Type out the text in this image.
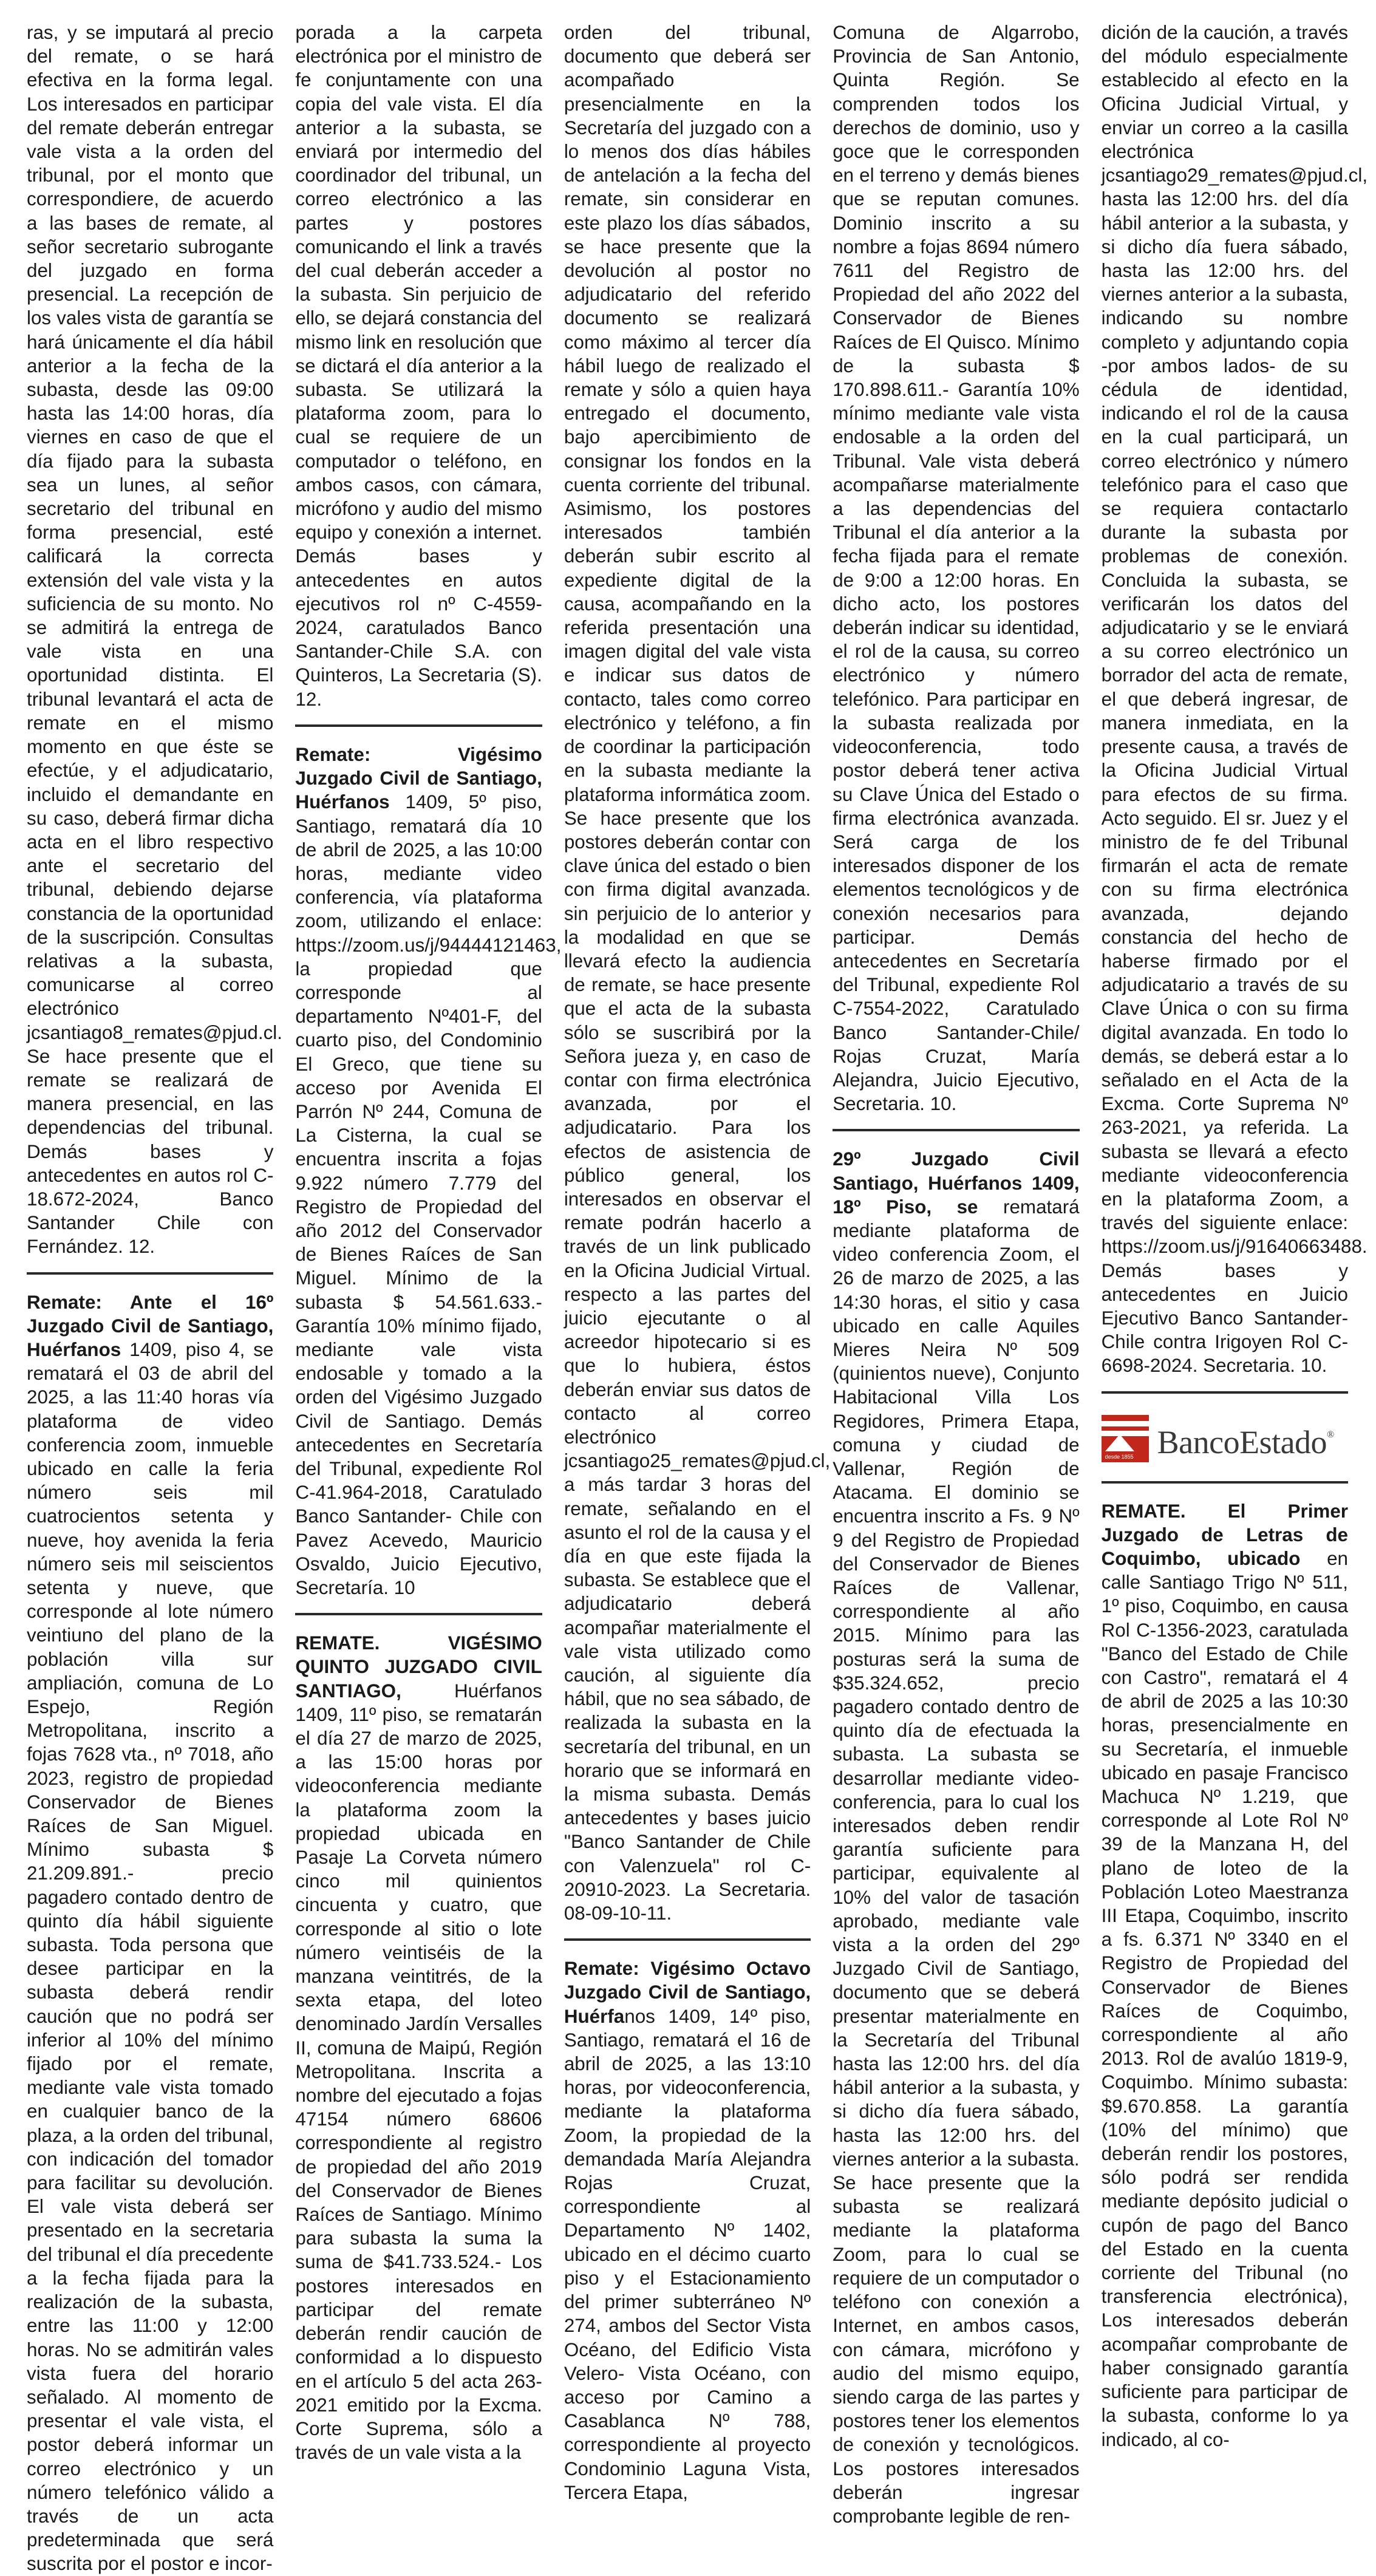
ras, y se imputará al precio del remate, o se hará efectiva en la forma legal. Los interesados en participar del remate deberán entregar vale vista a la orden del tribunal, por el monto que correspondiere, de acuerdo a las bases de remate, al señor secretario subrogante del juzgado en forma presencial. La recepción de los vales vista de garantía se hará únicamente el día hábil anterior a la fecha de la subasta, desde las 09:00 hasta las 14:00 horas, día viernes en caso de que el día fijado para la subasta sea un lunes, al señor secretario del tribunal en forma presencial, esté calificará la correcta extensión del vale vista y la suficiencia de su monto. No se admitirá la entrega de vale vista en una oportunidad distinta. El tribunal levantará el acta de remate en el mismo momento en que éste se efectúe, y el adjudicatario, incluido el demandante en su caso, deberá firmar dicha acta en el libro respectivo ante el secretario del tribunal, debiendo dejarse constancia de la oportunidad de la suscripción. Consultas relativas a la subasta, comunicarse al correo electrónico jcsantiago8_remates@pjud.cl. Se hace presente que el remate se realizará de manera presencial, en las dependencias del tribunal. Demás bases y antecedentes en autos rol C-18.672-2024, Banco Santander Chile con Fernández. 12.

Remate: Ante el 16º Juzgado Civil de Santiago, Huérfanos 1409, piso 4, se rematará el 03 de abril del 2025, a las 11:40 horas vía plataforma de video conferencia zoom, inmueble ubicado en calle la feria número seis mil cuatrocientos setenta y nueve, hoy avenida la feria número seis mil seiscientos setenta y nueve, que corresponde al lote número veintiuno del plano de la población villa sur ampliación, comuna de Lo Espejo, Región Metropolitana, inscrito a fojas 7628 vta., nº 7018, año 2023, registro de propiedad Conservador de Bienes Raíces de San Miguel. Mínimo subasta $ 21.209.891.- precio pagadero contado dentro de quinto día hábil siguiente subasta. Toda persona que desee participar en la subasta deberá rendir caución que no podrá ser inferior al 10% del mínimo fijado por el remate, mediante vale vista tomado en cualquier banco de la plaza, a la orden del tribunal, con indicación del tomador para facilitar su devolución. El vale vista deberá ser presentado en la secretaria del tribunal el día precedente a la fecha fijada para la realización de la subasta, entre las 11:00 y 12:00 horas. No se admitirán vales vista fuera del horario señalado. Al momento de presentar el vale vista, el postor deberá informar un correo electrónico y un número telefónico válido a través de un acta predeterminada que será suscrita por el postor e incor-

porada a la carpeta electrónica por el ministro de fe conjuntamente con una copia del vale vista. El día anterior a la subasta, se enviará por intermedio del coordinador del tribunal, un correo electrónico a las partes y postores comunicando el link a través del cual deberán acceder a la subasta. Sin perjuicio de ello, se dejará constancia del mismo link en resolución que se dictará el día anterior a la subasta. Se utilizará la plataforma zoom, para lo cual se requiere de un computador o teléfono, en ambos casos, con cámara, micrófono y audio del mismo equipo y conexión a internet. Demás bases y antecedentes en autos ejecutivos rol nº C-4559-2024, caratulados Banco Santander-Chile S.A. con Quinteros, La Secretaria (S). 12.

Remate: Vigésimo Juzgado Civil de Santiago, Huérfanos 1409, 5º piso, Santiago, rematará día 10 de abril de 2025, a las 10:00 horas, mediante video conferencia, vía plataforma zoom, utilizando el enlace: https://zoom.us/j/94444121463, la propiedad que corresponde al departamento Nº401-F, del cuarto piso, del Condominio El Greco, que tiene su acceso por Avenida El Parrón Nº 244, Comuna de La Cisterna, la cual se encuentra inscrita a fojas 9.922 número 7.779 del Registro de Propiedad del año 2012 del Conservador de Bienes Raíces de San Miguel. Mínimo de la subasta $ 54.561.633.- Garantía 10% mínimo fijado, mediante vale vista endosable y tomado a la orden del Vigésimo Juzgado Civil de Santiago. Demás antecedentes en Secretaría del Tribunal, expediente Rol C-41.964-2018, Caratulado Banco Santander- Chile con Pavez Acevedo, Mauricio Osvaldo, Juicio Ejecutivo, Secretaría. 10

REMATE. VIGÉSIMO QUINTO JUZGADO CIVIL SANTIAGO, Huérfanos 1409, 11º piso, se rematarán el día 27 de marzo de 2025, a las 15:00 horas por videoconferencia mediante la plataforma zoom la propiedad ubicada en Pasaje La Corveta número cinco mil quinientos cincuenta y cuatro, que corresponde al sitio o lote número veintiséis de la manzana veintitrés, de la sexta etapa, del loteo denominado Jardín Versalles II, comuna de Maipú, Región Metropolitana. Inscrita a nombre del ejecutado a fojas 47154 número 68606 correspondiente al registro de propiedad del año 2019 del Conservador de Bienes Raíces de Santiago. Mínimo para subasta la suma la suma de $41.733.524.- Los postores interesados en participar del remate deberán rendir caución de conformidad a lo dispuesto en el artículo 5 del acta 263-2021 emitido por la Excma. Corte Suprema, sólo a través de un vale vista a la

orden del tribunal, documento que deberá ser acompañado presencialmente en la Secretaría del juzgado con a lo menos dos días hábiles de antelación a la fecha del remate, sin considerar en este plazo los días sábados, se hace presente que la devolución al postor no adjudicatario del referido documento se realizará como máximo al tercer día hábil luego de realizado el remate y sólo a quien haya entregado el documento, bajo apercibimiento de consignar los fondos en la cuenta corriente del tribunal. Asimismo, los postores interesados también deberán subir escrito al expediente digital de la causa, acompañando en la referida presentación una imagen digital del vale vista e indicar sus datos de contacto, tales como correo electrónico y teléfono, a fin de coordinar la participación en la subasta mediante la plataforma informática zoom. Se hace presente que los postores deberán contar con clave única del estado o bien con firma digital avanzada. sin perjuicio de lo anterior y la modalidad en que se llevará efecto la audiencia de remate, se hace presente que el acta de la subasta sólo se suscribirá por la Señora jueza y, en caso de contar con firma electrónica avanzada, por el adjudicatario. Para los efectos de asistencia de público general, los interesados en observar el remate podrán hacerlo a través de un link publicado en la Oficina Judicial Virtual. respecto a las partes del juicio ejecutante o al acreedor hipotecario si es que lo hubiera, éstos deberán enviar sus datos de contacto al correo electrónico jcsantiago25_remates@pjud.cl, a más tardar 3 horas del remate, señalando en el asunto el rol de la causa y el día en que este fijada la subasta. Se establece que el adjudicatario deberá acompañar materialmente el vale vista utilizado como caución, al siguiente día hábil, que no sea sábado, de realizada la subasta en la secretaría del tribunal, en un horario que se informará en la misma subasta. Demás antecedentes y bases juicio "Banco Santander de Chile con Valenzuela" rol C-20910-2023. La Secretaria. 08-09-10-11.

Remate: Vigésimo Octavo Juzgado Civil de Santiago, Huérfanos 1409, 14º piso, Santiago, rematará el 16 de abril de 2025, a las 13:10 horas, por videoconferencia, mediante la plataforma Zoom, la propiedad de la demandada María Alejandra Rojas Cruzat, correspondiente al Departamento Nº 1402, ubicado en el décimo cuarto piso y el Estacionamiento del primer subterráneo Nº 274, ambos del Sector Vista Océano, del Edificio Vista Velero- Vista Océano, con acceso por Camino a Casablanca Nº 788, correspondiente al proyecto Condominio Laguna Vista, Tercera Etapa,

Comuna de Algarrobo, Provincia de San Antonio, Quinta Región. Se comprenden todos los derechos de dominio, uso y goce que le corresponden en el terreno y demás bienes que se reputan comunes. Dominio inscrito a su nombre a fojas 8694 número 7611 del Registro de Propiedad del año 2022 del Conservador de Bienes Raíces de El Quisco. Mínimo de la subasta $ 170.898.611.- Garantía 10% mínimo mediante vale vista endosable a la orden del Tribunal. Vale vista deberá acompañarse materialmente a las dependencias del Tribunal el día anterior a la fecha fijada para el remate de 9:00 a 12:00 horas. En dicho acto, los postores deberán indicar su identidad, el rol de la causa, su correo electrónico y número telefónico. Para participar en la subasta realizada por videoconferencia, todo postor deberá tener activa su Clave Única del Estado o firma electrónica avanzada. Será carga de los interesados disponer de los elementos tecnológicos y de conexión necesarios para participar. Demás antecedentes en Secretaría del Tribunal, expediente Rol C-7554-2022, Caratulado Banco Santander-Chile/ Rojas Cruzat, María Alejandra, Juicio Ejecutivo, Secretaria. 10.

29º Juzgado Civil Santiago, Huérfanos 1409, 18º Piso, se rematará mediante plataforma de video conferencia Zoom, el 26 de marzo de 2025, a las 14:30 horas, el sitio y casa ubicado en calle Aquiles Mieres Neira Nº 509 (quinientos nueve), Conjunto Habitacional Villa Los Regidores, Primera Etapa, comuna y ciudad de Vallenar, Región de Atacama. El dominio se encuentra inscrito a Fs. 9 Nº 9 del Registro de Propiedad del Conservador de Bienes Raíces de Vallenar, correspondiente al año 2015. Mínimo para las posturas será la suma de $35.324.652, precio pagadero contado dentro de quinto día de efectuada la subasta. La subasta se desarrollar mediante video-conferencia, para lo cual los interesados deben rendir garantía suficiente para participar, equivalente al 10% del valor de tasación aprobado, mediante vale vista a la orden del 29º Juzgado Civil de Santiago, documento que se deberá presentar materialmente en la Secretaría del Tribunal hasta las 12:00 hrs. del día hábil anterior a la subasta, y si dicho día fuera sábado, hasta las 12:00 hrs. del viernes anterior a la subasta. Se hace presente que la subasta se realizará mediante la plataforma Zoom, para lo cual se requiere de un computador o teléfono con conexión a Internet, en ambos casos, con cámara, micrófono y audio del mismo equipo, siendo carga de las partes y postores tener los elementos de conexión y tecnológicos. Los postores interesados deberán ingresar comprobante legible de ren-

dición de la caución, a través del módulo especialmente establecido al efecto en la Oficina Judicial Virtual, y enviar un correo a la casilla electrónica jcsantiago29_remates@pjud.cl, hasta las 12:00 hrs. del día hábil anterior a la subasta, y si dicho día fuera sábado, hasta las 12:00 hrs. del viernes anterior a la subasta, indicando su nombre completo y adjuntando copia -por ambos lados- de su cédula de identidad, indicando el rol de la causa en la cual participará, un correo electrónico y número telefónico para el caso que se requiera contactarlo durante la subasta por problemas de conexión. Concluida la subasta, se verificarán los datos del adjudicatario y se le enviará a su correo electrónico un borrador del acta de remate, el que deberá ingresar, de manera inmediata, en la presente causa, a través de la Oficina Judicial Virtual para efectos de su firma. Acto seguido. El sr. Juez y el ministro de fe del Tribunal firmarán el acta de remate con su firma electrónica avanzada, dejando constancia del hecho de haberse firmado por el adjudicatario a través de su Clave Única o con su firma digital avanzada. En todo lo demás, se deberá estar a lo señalado en el Acta de la Excma. Corte Suprema Nº 263-2021, ya referida. La subasta se llevará a efecto mediante videoconferencia en la plataforma Zoom, a través del siguiente enlace: https://zoom.us/j/91640663488. Demás bases y antecedentes en Juicio Ejecutivo Banco Santander-Chile contra Irigoyen Rol C-6698-2024. Secretaria. 10.

desde 1855 BancoEstado®

REMATE. El Primer Juzgado de Letras de Coquimbo, ubicado en calle Santiago Trigo Nº 511, 1º piso, Coquimbo, en causa Rol C-1356-2023, caratulada "Banco del Estado de Chile con Castro", rematará el 4 de abril de 2025 a las 10:30 horas, presencialmente en su Secretaría, el inmueble ubicado en pasaje Francisco Machuca Nº 1.219, que corresponde al Lote Rol Nº 39 de la Manzana H, del plano de loteo de la Población Loteo Maestranza III Etapa, Coquimbo, inscrito a fs. 6.371 Nº 3340 en el Registro de Propiedad del Conservador de Bienes Raíces de Coquimbo, correspondiente al año 2013. Rol de avalúo 1819-9, Coquimbo. Mínimo subasta: $9.670.858. La garantía (10% del mínimo) que deberán rendir los postores, sólo podrá ser rendida mediante depósito judicial o cupón de pago del Banco del Estado en la cuenta corriente del Tribunal (no transferencia electrónica), Los interesados deberán acompañar comprobante de haber consignado garantía suficiente para participar de la subasta, conforme lo ya indicado, al co-
